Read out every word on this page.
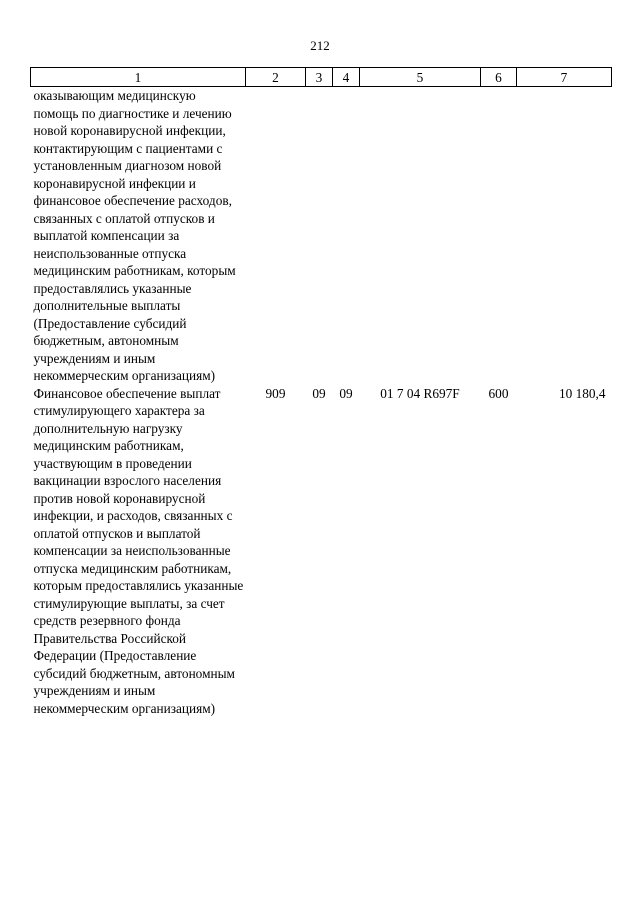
212
1	2	3	4	5	6	7
оказывающим медицинскую помощь по диагностике и лечению новой коронавирусной инфекции, контактирующим с пациентами с установленным диагнозом новой коронавирусной инфекции и финансовое обеспечение расходов, связанных с оплатой отпусков и выплатой компенсации за неиспользованные отпуска медицинским работникам, которым предоставлялись указанные дополнительные выплаты (Предоставление субсидий бюджетным, автономным учреждениям и иным некоммерческим организациям)						
Финансовое обеспечение выплат стимулирующего характера за дополнительную нагрузку медицинским работникам, участвующим в проведении вакцинации взрослого населения против новой коронавирусной инфекции, и расходов, связанных с оплатой отпусков и выплатой компенсации за неиспользованные отпуска медицинским работникам, которым предоставлялись указанные стимулирующие выплаты, за счет средств резервного фонда Правительства Российской Федерации (Предоставление субсидий бюджетным, автономным учреждениям и иным некоммерческим организациям)	909	09	09	01 7 04 R697F	600	10 180,4
